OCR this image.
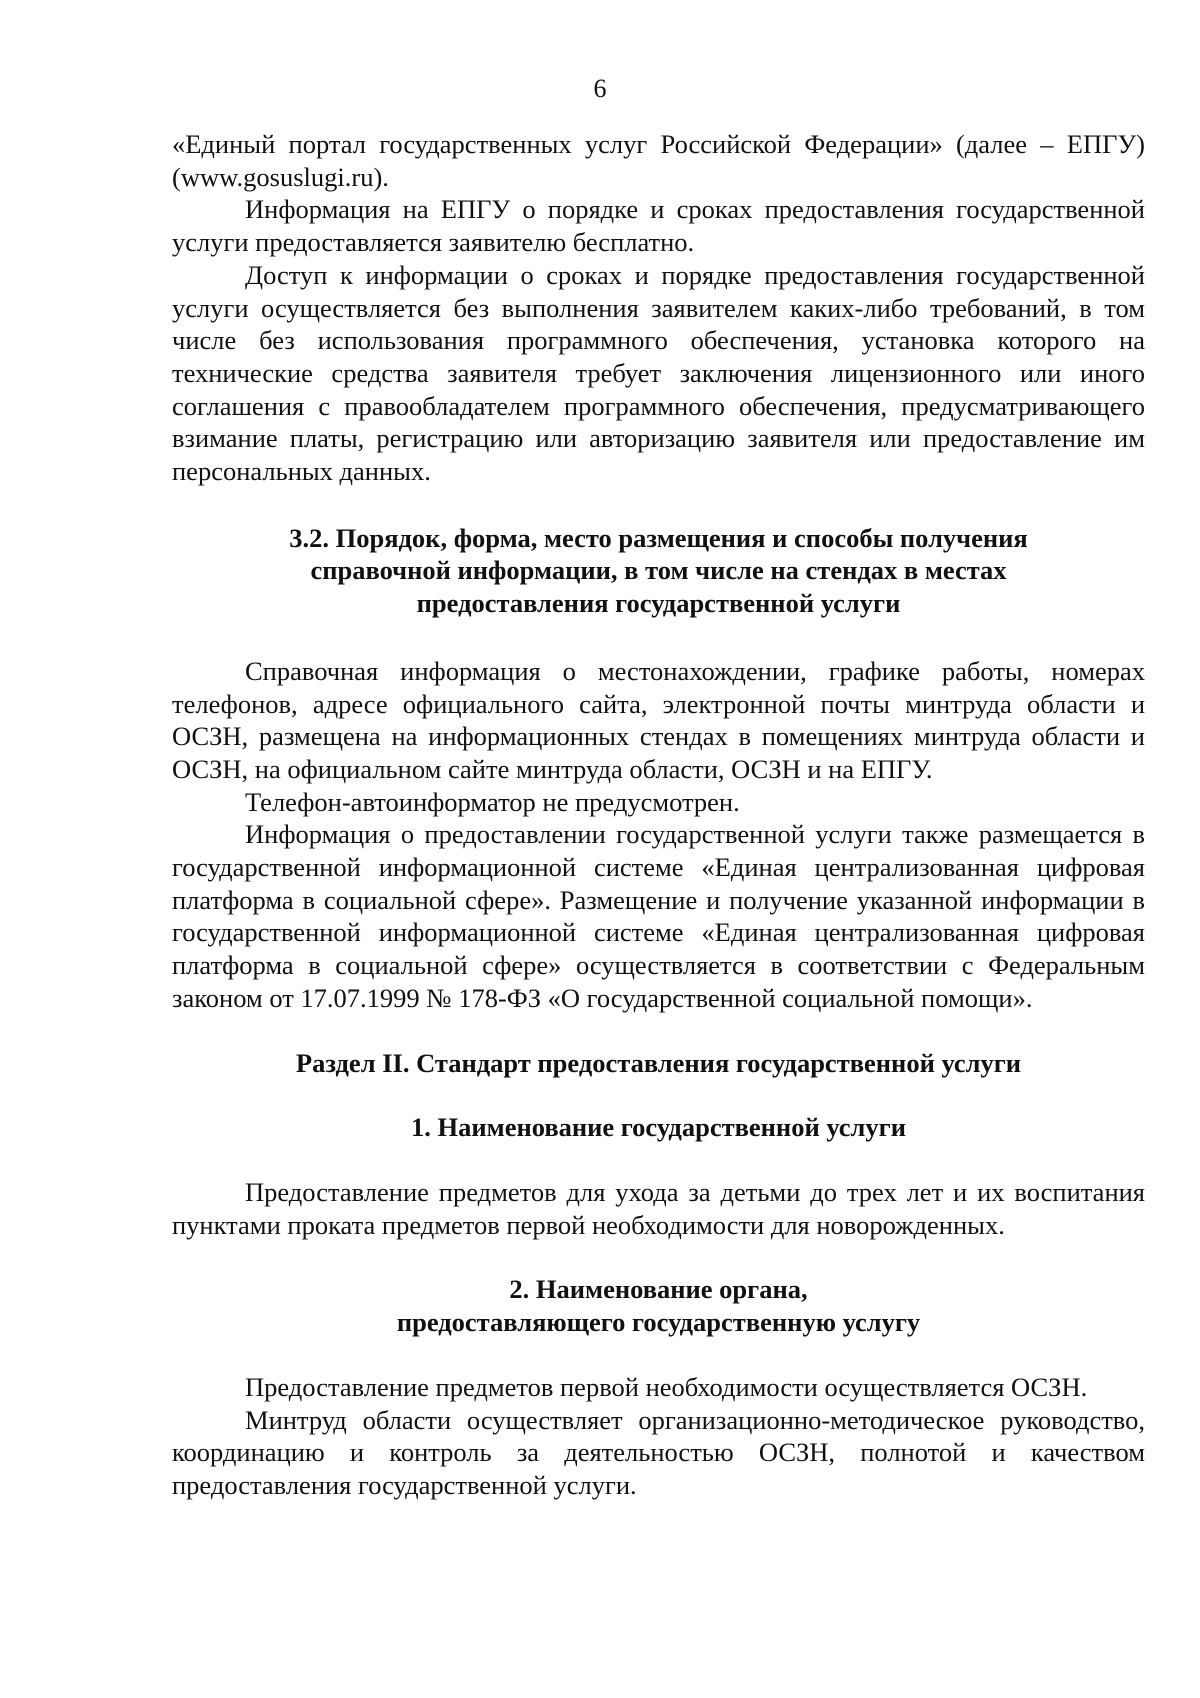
6

«Единый портал государственных услуг Российской Федерации» (далее – ЕПГУ) (www.gosuslugi.ru).

Информация на ЕПГУ о порядке и сроках предоставления государственной услуги предоставляется заявителю бесплатно.

Доступ к информации о сроках и порядке предоставления государственной услуги осуществляется без выполнения заявителем каких-либо требований, в том числе без использования программного обеспечения, установка которого на технические средства заявителя требует заключения лицензионного или иного соглашения с правообладателем программного обеспечения, предусматривающего взимание платы, регистрацию или авторизацию заявителя или предоставление им персональных данных.

3.2. Порядок, форма, место размещения и способы получения
справочной информации, в том числе на стендах в местах
предоставления государственной услуги

Справочная информация о местонахождении, графике работы, номерах телефонов, адресе официального сайта, электронной почты минтруда области и ОСЗН, размещена на информационных стендах в помещениях минтруда области и ОСЗН, на официальном сайте минтруда области, ОСЗН и на ЕПГУ.

Телефон-автоинформатор не предусмотрен.

Информация о предоставлении государственной услуги также размещается в государственной информационной системе «Единая централизованная цифровая платформа в социальной сфере». Размещение и получение указанной информации в государственной информационной системе «Единая централизованная цифровая платформа в социальной сфере» осуществляется в соответствии с Федеральным законом от 17.07.1999 № 178-ФЗ «О государственной социальной помощи».

Раздел II. Стандарт предоставления государственной услуги
1. Наименование государственной услуги

Предоставление предметов для ухода за детьми до трех лет и их воспитания пунктами проката предметов первой необходимости для новорожденных.

2. Наименование органа,
предоставляющего государственную услугу

Предоставление предметов первой необходимости осуществляется ОСЗН.

Минтруд области осуществляет организационно-методическое руководство, координацию и контроль за деятельностью ОСЗН, полнотой и качеством предоставления государственной услуги.
